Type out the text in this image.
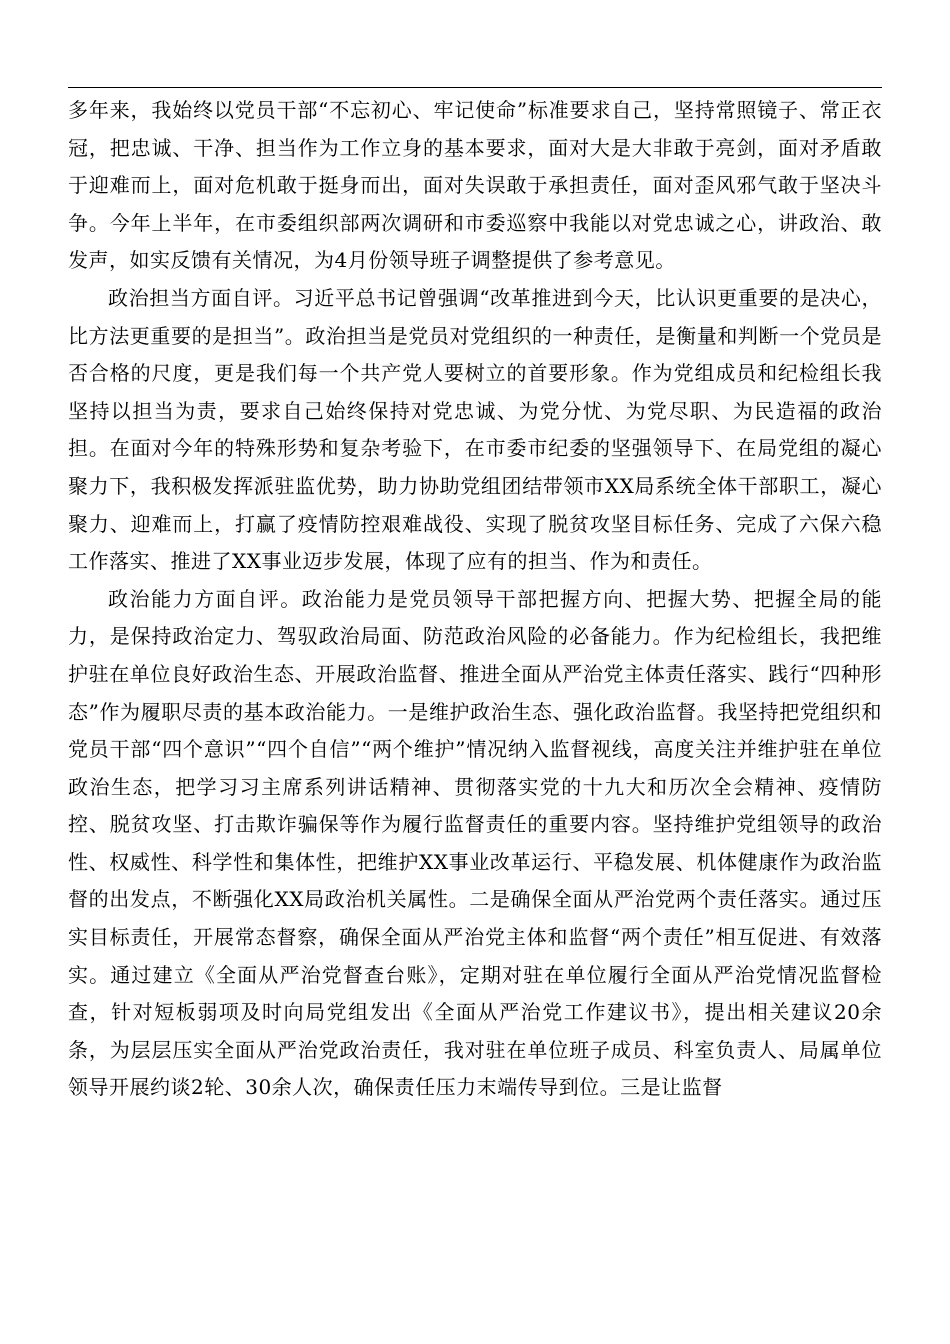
多年来，我始终以党员干部“不忘初心、牢记使命”标准要求自己，坚持常照镜子、常正衣冠，把忠诚、干净、担当作为工作立身的基本要求，面对大是大非敢于亮剑，面对矛盾敢于迎难而上，面对危机敢于挺身而出，面对失误敢于承担责任，面对歪风邪气敢于坚决斗争。今年上半年，在市委组织部两次调研和市委巡察中我能以对党忠诚之心，讲政治、敢发声，如实反馈有关情况，为4月份领导班子调整提供了参考意见。

政治担当方面自评。习近平总书记曾强调“改革推进到今天，比认识更重要的是决心，比方法更重要的是担当”。政治担当是党员对党组织的一种责任，是衡量和判断一个党员是否合格的尺度，更是我们每一个共产党人要树立的首要形象。作为党组成员和纪检组长我坚持以担当为责，要求自己始终保持对党忠诚、为党分忧、为党尽职、为民造福的政治担。在面对今年的特殊形势和复杂考验下，在市委市纪委的坚强领导下、在局党组的凝心聚力下，我积极发挥派驻监优势，助力协助党组团结带领市XX局系统全体干部职工，凝心聚力、迎难而上，打赢了疫情防控艰难战役、实现了脱贫攻坚目标任务、完成了六保六稳工作落实、推进了XX事业迈步发展，体现了应有的担当、作为和责任。

政治能力方面自评。政治能力是党员领导干部把握方向、把握大势、把握全局的能力，是保持政治定力、驾驭政治局面、防范政治风险的必备能力。作为纪检组长，我把维护驻在单位良好政治生态、开展政治监督、推进全面从严治党主体责任落实、践行“四种形态”作为履职尽责的基本政治能力。一是维护政治生态、强化政治监督。我坚持把党组织和党员干部“四个意识”“四个自信”“两个维护”情况纳入监督视线，高度关注并维护驻在单位政治生态，把学习习主席系列讲话精神、贯彻落实党的十九大和历次全会精神、疫情防控、脱贫攻坚、打击欺诈骗保等作为履行监督责任的重要内容。坚持维护党组领导的政治性、权威性、科学性和集体性，把维护XX事业改革运行、平稳发展、机体健康作为政治监督的出发点，不断强化XX局政治机关属性。二是确保全面从严治党两个责任落实。通过压实目标责任，开展常态督察，确保全面从严治党主体和监督“两个责任”相互促进、有效落实。通过建立《全面从严治党督查台账》，定期对驻在单位履行全面从严治党情况监督检查，针对短板弱项及时向局党组发出《全面从严治党工作建议书》，提出相关建议20余条，为层层压实全面从严治党政治责任，我对驻在单位班子成员、科室负责人、局属单位领导开展约谈2轮、30余人次，确保责任压力末端传导到位。三是让监督
